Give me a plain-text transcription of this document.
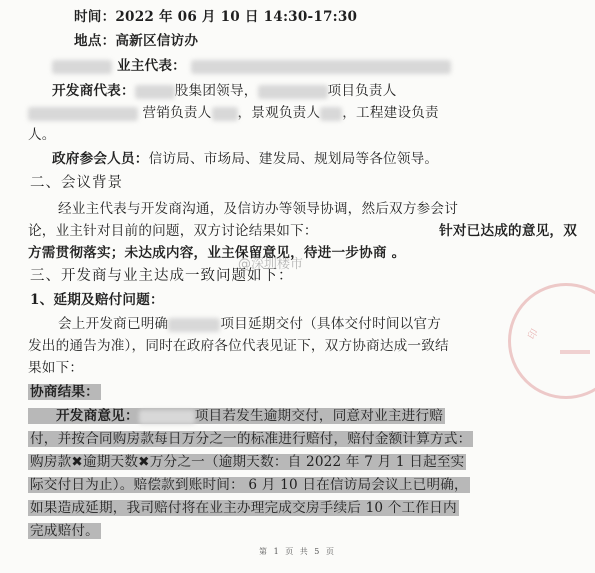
时间：2022 年 06 月 10 日 14:30-17:30
地点：高新区信访办
业主代表：
开发商代表：	股集团领导，	项目负责人
营销负责人 ，景观负责人 ，工程建设负责
人。
政府参会人员：信访局、市场局、建发局、规划局等各位领导。
二、会议背景
经业主代表与开发商沟通，及信访办等领导协调，然后双方参会讨
论，业主针对目前的问题，双方讨论结果如下：	针对已达成的意见，双
方需贯彻落实；未达成内容，业主保留意见，待进一步协商 。
三、开发商与业主达成一致问题如下：
@深圳楼市
1、延期及赔付问题：
会上开发商已明确	项目延期交付（具体交付时间以官方
发出的通告为准），同时在政府各位代表见证下，双方协商达成一致结
果如下：
协商结果：
开发商意见：	项目若发生逾期交付，同意对业主进行赔
付，并按合同购房款每日万分之一的标准进行赔付，赔付金额计算方式：
购房款✖逾期天数✖万分之一（逾期天数：自 2022 年 7 月 1 日起至实
际交付日为止）。赔偿款到账时间： 6 月 10 日在信访局会议上已明确，
如果造成延期，我司赔付将在业主办理完成交房手续后 10 个工作日内
完成赔付。
第 1 页 共 5 页
印
